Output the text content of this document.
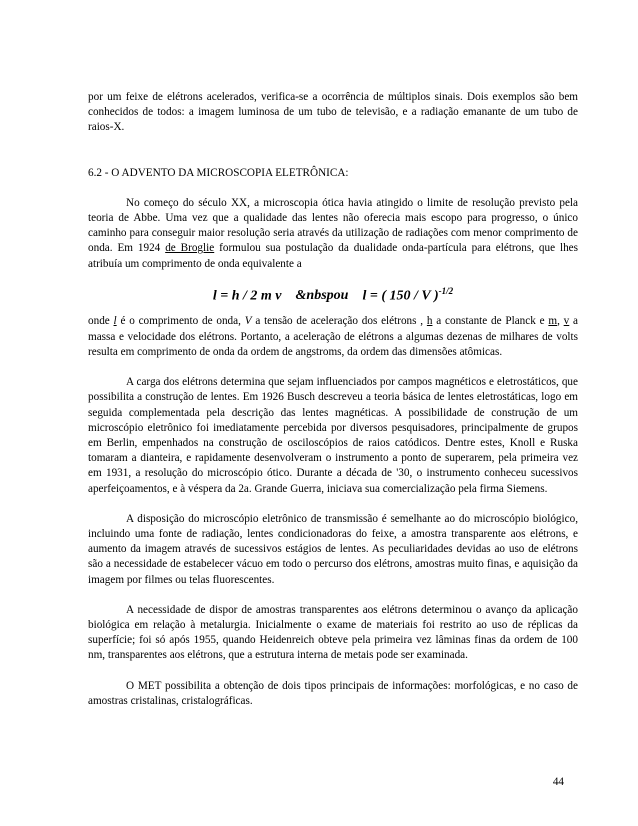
por um feixe de elétrons acelerados, verifica-se a ocorrência de múltiplos sinais. Dois exemplos são bem conhecidos de todos: a imagem luminosa de um tubo de televisão, e a radiação emanante de um tubo de raios-X.

6.2 - O ADVENTO DA MICROSCOPIA ELETRÔNICA:

No começo do século XX, a microscopia ótica havia atingido o limite de resolução previsto pela teoria de Abbe. Uma vez que a qualidade das lentes não oferecia mais escopo para progresso, o único caminho para conseguir maior resolução seria através da utilização de radiações com menor comprimento de onda. Em 1924 de Broglie formulou sua postulação da dualidade onda-partícula para elétrons, que lhes atribuía um comprimento de onda equivalente a

l = h / 2 m v &nbspou l = ( 150 / V )$^{-1/2}$

onde l é o comprimento de onda, V a tensão de aceleração dos elétrons , h a constante de Planck e m, v a massa e velocidade dos elétrons. Portanto, a aceleração de elétrons a algumas dezenas de milhares de volts resulta em comprimento de onda da ordem de angstroms, da ordem das dimensões atômicas.

A carga dos elétrons determina que sejam influenciados por campos magnéticos e eletrostáticos, que possibilita a construção de lentes. Em 1926 Busch descreveu a teoria básica de lentes eletrostáticas, logo em seguida complementada pela descrição das lentes magnéticas. A possibilidade de construção de um microscópio eletrônico foi imediatamente percebida por diversos pesquisadores, principalmente de grupos em Berlin, empenhados na construção de osciloscópios de raios catódicos. Dentre estes, Knoll e Ruska tomaram a dianteira, e rapidamente desenvolveram o instrumento a ponto de superarem, pela primeira vez em 1931, a resolução do microscópio ótico. Durante a década de '30, o instrumento conheceu sucessivos aperfeiçoamentos, e à véspera da 2a. Grande Guerra, iniciava sua comercialização pela firma Siemens.

A disposição do microscópio eletrônico de transmissão é semelhante ao do microscópio biológico, incluindo uma fonte de radiação, lentes condicionadoras do feixe, a amostra transparente aos elétrons, e aumento da imagem através de sucessivos estágios de lentes. As peculiaridades devidas ao uso de elétrons são a necessidade de estabelecer vácuo em todo o percurso dos elétrons, amostras muito finas, e aquisição da imagem por filmes ou telas fluorescentes.

A necessidade de dispor de amostras transparentes aos elétrons determinou o avanço da aplicação biológica em relação à metalurgia. Inicialmente o exame de materiais foi restrito ao uso de réplicas da superfície; foi só após 1955, quando Heidenreich obteve pela primeira vez lâminas finas da ordem de 100 nm, transparentes aos elétrons, que a estrutura interna de metais pode ser examinada.

O MET possibilita a obtenção de dois tipos principais de informações: morfológicas, e no caso de amostras cristalinas, cristalográficas.

44
